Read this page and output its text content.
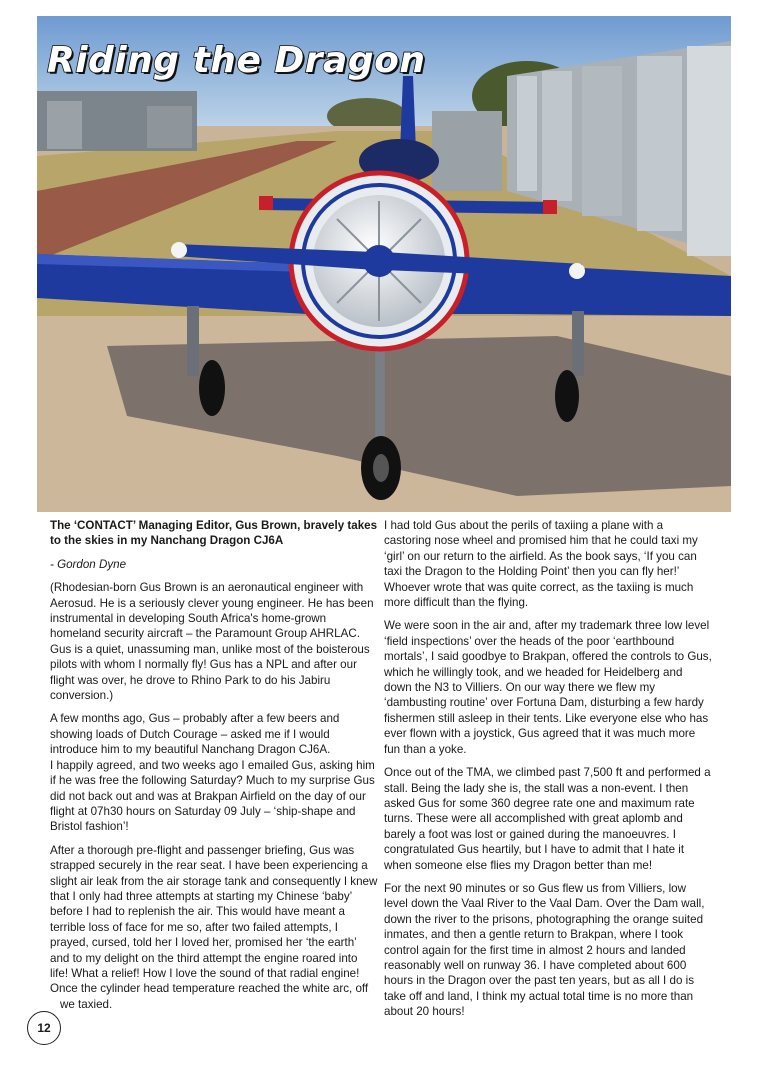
Riding the Dragon

The ‘CONTACT’ Managing Editor, Gus Brown, bravely takes to the skies in my Nanchang Dragon CJ6A

- Gordon Dyne

(Rhodesian-born Gus Brown is an aeronautical engineer with Aerosud. He is a seriously clever young engineer. He has been instrumental in developing South Africa's home-grown homeland security aircraft – the Paramount Group AHRLAC. Gus is a quiet, unassuming man, unlike most of the boisterous pilots with whom I normally fly! Gus has a NPL and after our flight was over, he drove to Rhino Park to do his Jabiru conversion.)

A few months ago, Gus – probably after a few beers and showing loads of Dutch Courage – asked me if I would introduce him to my beautiful Nanchang Dragon CJ6A.

I happily agreed, and two weeks ago I emailed Gus, asking him if he was free the following Saturday? Much to my surprise Gus did not back out and was at Brakpan Airfield on the day of our flight at 07h30 hours on Saturday 09 July – ‘ship-shape and Bristol fashion’!

After a thorough pre-flight and passenger briefing, Gus was strapped securely in the rear seat. I have been experiencing a slight air leak from the air storage tank and consequently I knew that I only had three attempts at starting my Chinese ‘baby’ before I had to replenish the air. This would have meant a terrible loss of face for me so, after two failed attempts, I prayed, cursed, told her I loved her, promised her ‘the earth’ and to my delight on the third attempt the engine roared into life! What a relief! How I love the sound of that radial engine! Once the cylinder head temperature reached the white arc, off

we taxied.

I had told Gus about the perils of taxiing a plane with a castoring nose wheel and promised him that he could taxi my ‘girl’ on our return to the airfield. As the book says, ‘If you can taxi the Dragon to the Holding Point’ then you can fly her!’ Whoever wrote that was quite correct, as the taxiing is much more difficult than the flying.

We were soon in the air and, after my trademark three low level ‘field inspections’ over the heads of the poor ‘earthbound mortals’, I said goodbye to Brakpan, offered the controls to Gus, which he willingly took, and we headed for Heidelberg and down the N3 to Villiers. On our way there we flew my ‘dambusting routine’ over Fortuna Dam, disturbing a few hardy fishermen still asleep in their tents. Like everyone else who has ever flown with a joystick, Gus agreed that it was much more fun than a yoke.

Once out of the TMA, we climbed past 7,500 ft and performed a stall. Being the lady she is, the stall was a non-event. I then asked Gus for some 360 degree rate one and maximum rate turns. These were all accomplished with great aplomb and barely a foot was lost or gained during the manoeuvres. I congratulated Gus heartily, but I have to admit that I hate it when someone else flies my Dragon better than me!

For the next 90 minutes or so Gus flew us from Villiers, low level down the Vaal River to the Vaal Dam. Over the Dam wall, down the river to the prisons, photographing the orange suited inmates, and then a gentle return to Brakpan, where I took control again for the first time in almost 2 hours and landed reasonably well on runway 36. I have completed about 600 hours in the Dragon over the past ten years, but as all I do is take off and land, I think my actual total time is no more than about 20 hours!

12
